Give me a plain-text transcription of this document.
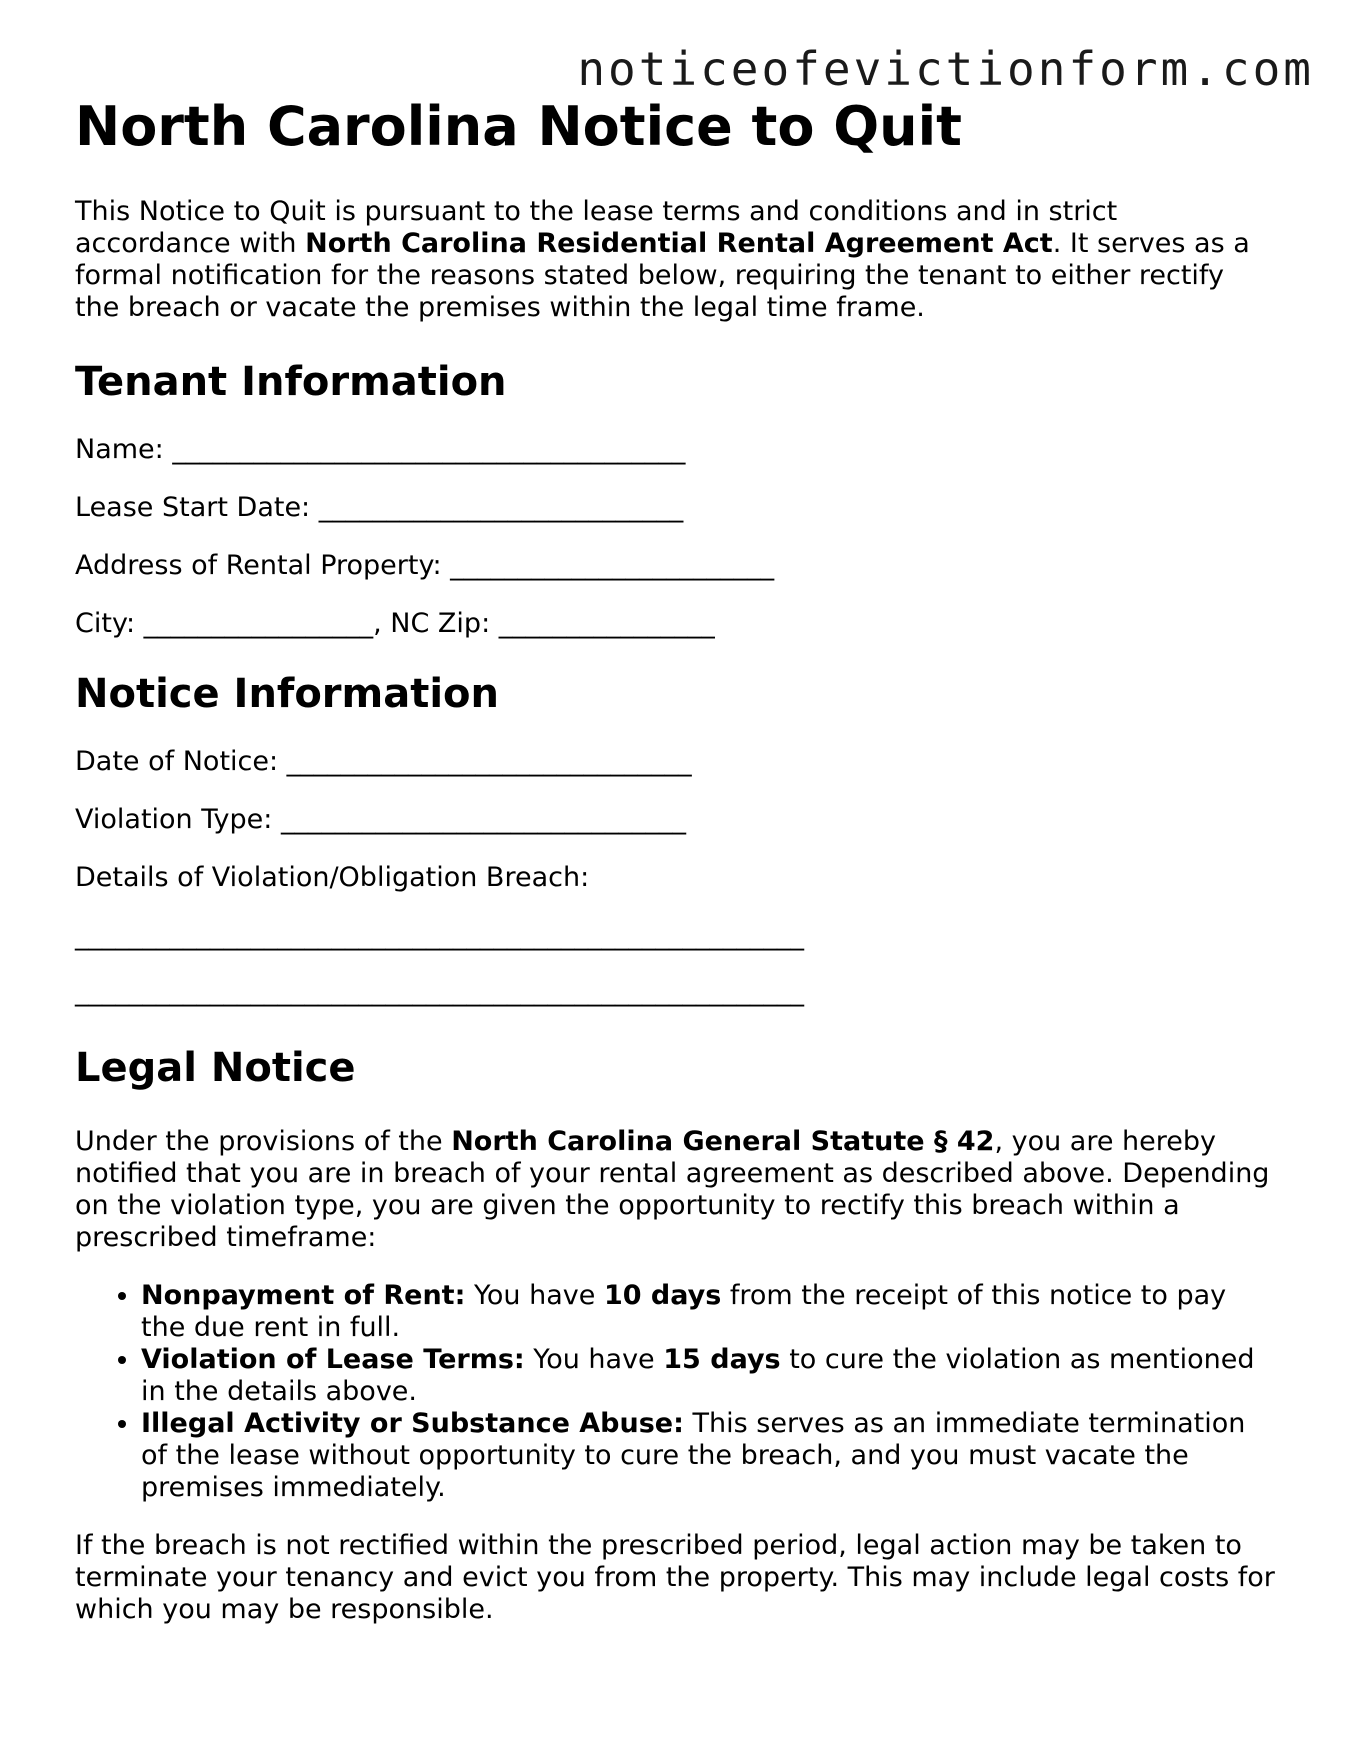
noticeofevictionform.com
North Carolina Notice to Quit

This Notice to Quit is pursuant to the lease terms and conditions and in strict accordance with North Carolina Residential Rental Agreement Act. It serves as a formal notification for the reasons stated below, requiring the tenant to either rectify the breach or vacate the premises within the legal time frame.

Tenant Information
Name: ______________________________________
Lease Start Date: ___________________________
Address of Rental Property: ________________________
City: _________________, NC Zip: ________________
Notice Information
Date of Notice: ______________________________
Violation Type: ______________________________
Details of Violation/Obligation Breach:
______________________________________________________
______________________________________________________
Legal Notice

Under the provisions of the North Carolina General Statute § 42, you are hereby notified that you are in breach of your rental agreement as described above. Depending on the violation type, you are given the opportunity to rectify this breach within a prescribed timeframe:

• Nonpayment of Rent: You have 10 days from the receipt of this notice to pay the due rent in full.
• Violation of Lease Terms: You have 15 days to cure the violation as mentioned in the details above.
• Illegal Activity or Substance Abuse: This serves as an immediate termination of the lease without opportunity to cure the breach, and you must vacate the premises immediately.

If the breach is not rectified within the prescribed period, legal action may be taken to terminate your tenancy and evict you from the property. This may include legal costs for which you may be responsible.
